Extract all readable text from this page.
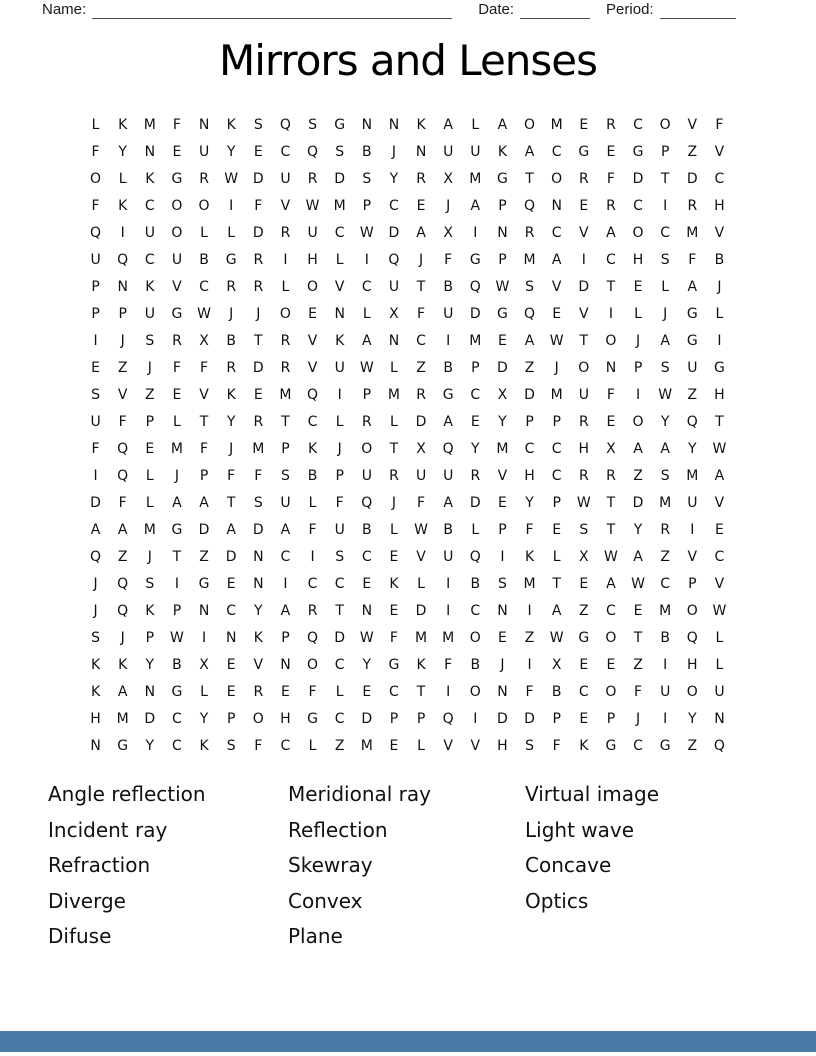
Name:	Date:	Period:
Mirrors and Lenses
L	K	M	F	N	K	S	Q	S	G	N	N	K	A	L	A	O	M	E	R	C	O	V	F
F	Y	N	E	U	Y	E	C	Q	S	B	J	N	U	U	K	A	C	G	E	G	P	Z	V
O	L	K	G	R	W	D	U	R	D	S	Y	R	X	M	G	T	O	R	F	D	T	D	C
F	K	C	O	O	I	F	V	W	M	P	C	E	J	A	P	Q	N	E	R	C	I	R	H
Q	I	U	O	L	L	D	R	U	C	W	D	A	X	I	N	R	C	V	A	O	C	M	V
U	Q	C	U	B	G	R	I	H	L	I	Q	J	F	G	P	M	A	I	C	H	S	F	B
P	N	K	V	C	R	R	L	O	V	C	U	T	B	Q	W	S	V	D	T	E	L	A	J
P	P	U	G	W	J	J	O	E	N	L	X	F	U	D	G	Q	E	V	I	L	J	G	L
I	J	S	R	X	B	T	R	V	K	A	N	C	I	M	E	A	W	T	O	J	A	G	I
E	Z	J	F	F	R	D	R	V	U	W	L	Z	B	P	D	Z	J	O	N	P	S	U	G
S	V	Z	E	V	K	E	M	Q	I	P	M	R	G	C	X	D	M	U	F	I	W	Z	H
U	F	P	L	T	Y	R	T	C	L	R	L	D	A	E	Y	P	P	R	E	O	Y	Q	T
F	Q	E	M	F	J	M	P	K	J	O	T	X	Q	Y	M	C	C	H	X	A	A	Y	W
I	Q	L	J	P	F	F	S	B	P	U	R	U	U	R	V	H	C	R	R	Z	S	M	A
D	F	L	A	A	T	S	U	L	F	Q	J	F	A	D	E	Y	P	W	T	D	M	U	V
A	A	M	G	D	A	D	A	F	U	B	L	W	B	L	P	F	E	S	T	Y	R	I	E
Q	Z	J	T	Z	D	N	C	I	S	C	E	V	U	Q	I	K	L	X	W	A	Z	V	C
J	Q	S	I	G	E	N	I	C	C	E	K	L	I	B	S	M	T	E	A	W	C	P	V
J	Q	K	P	N	C	Y	A	R	T	N	E	D	I	C	N	I	A	Z	C	E	M	O	W
S	J	P	W	I	N	K	P	Q	D	W	F	M	M	O	E	Z	W	G	O	T	B	Q	L
K	K	Y	B	X	E	V	N	O	C	Y	G	K	F	B	J	I	X	E	E	Z	I	H	L
K	A	N	G	L	E	R	E	F	L	E	C	T	I	O	N	F	B	C	O	F	U	O	U
H	M	D	C	Y	P	O	H	G	C	D	P	P	Q	I	D	D	P	E	P	J	I	Y	N
N	G	Y	C	K	S	F	C	L	Z	M	E	L	V	V	H	S	F	K	G	C	G	Z	Q
Angle reflection
Incident ray
Refraction
Diverge
Difuse
Meridional ray
Reflection
Skewray
Convex
Plane
Virtual image
Light wave
Concave
Optics
